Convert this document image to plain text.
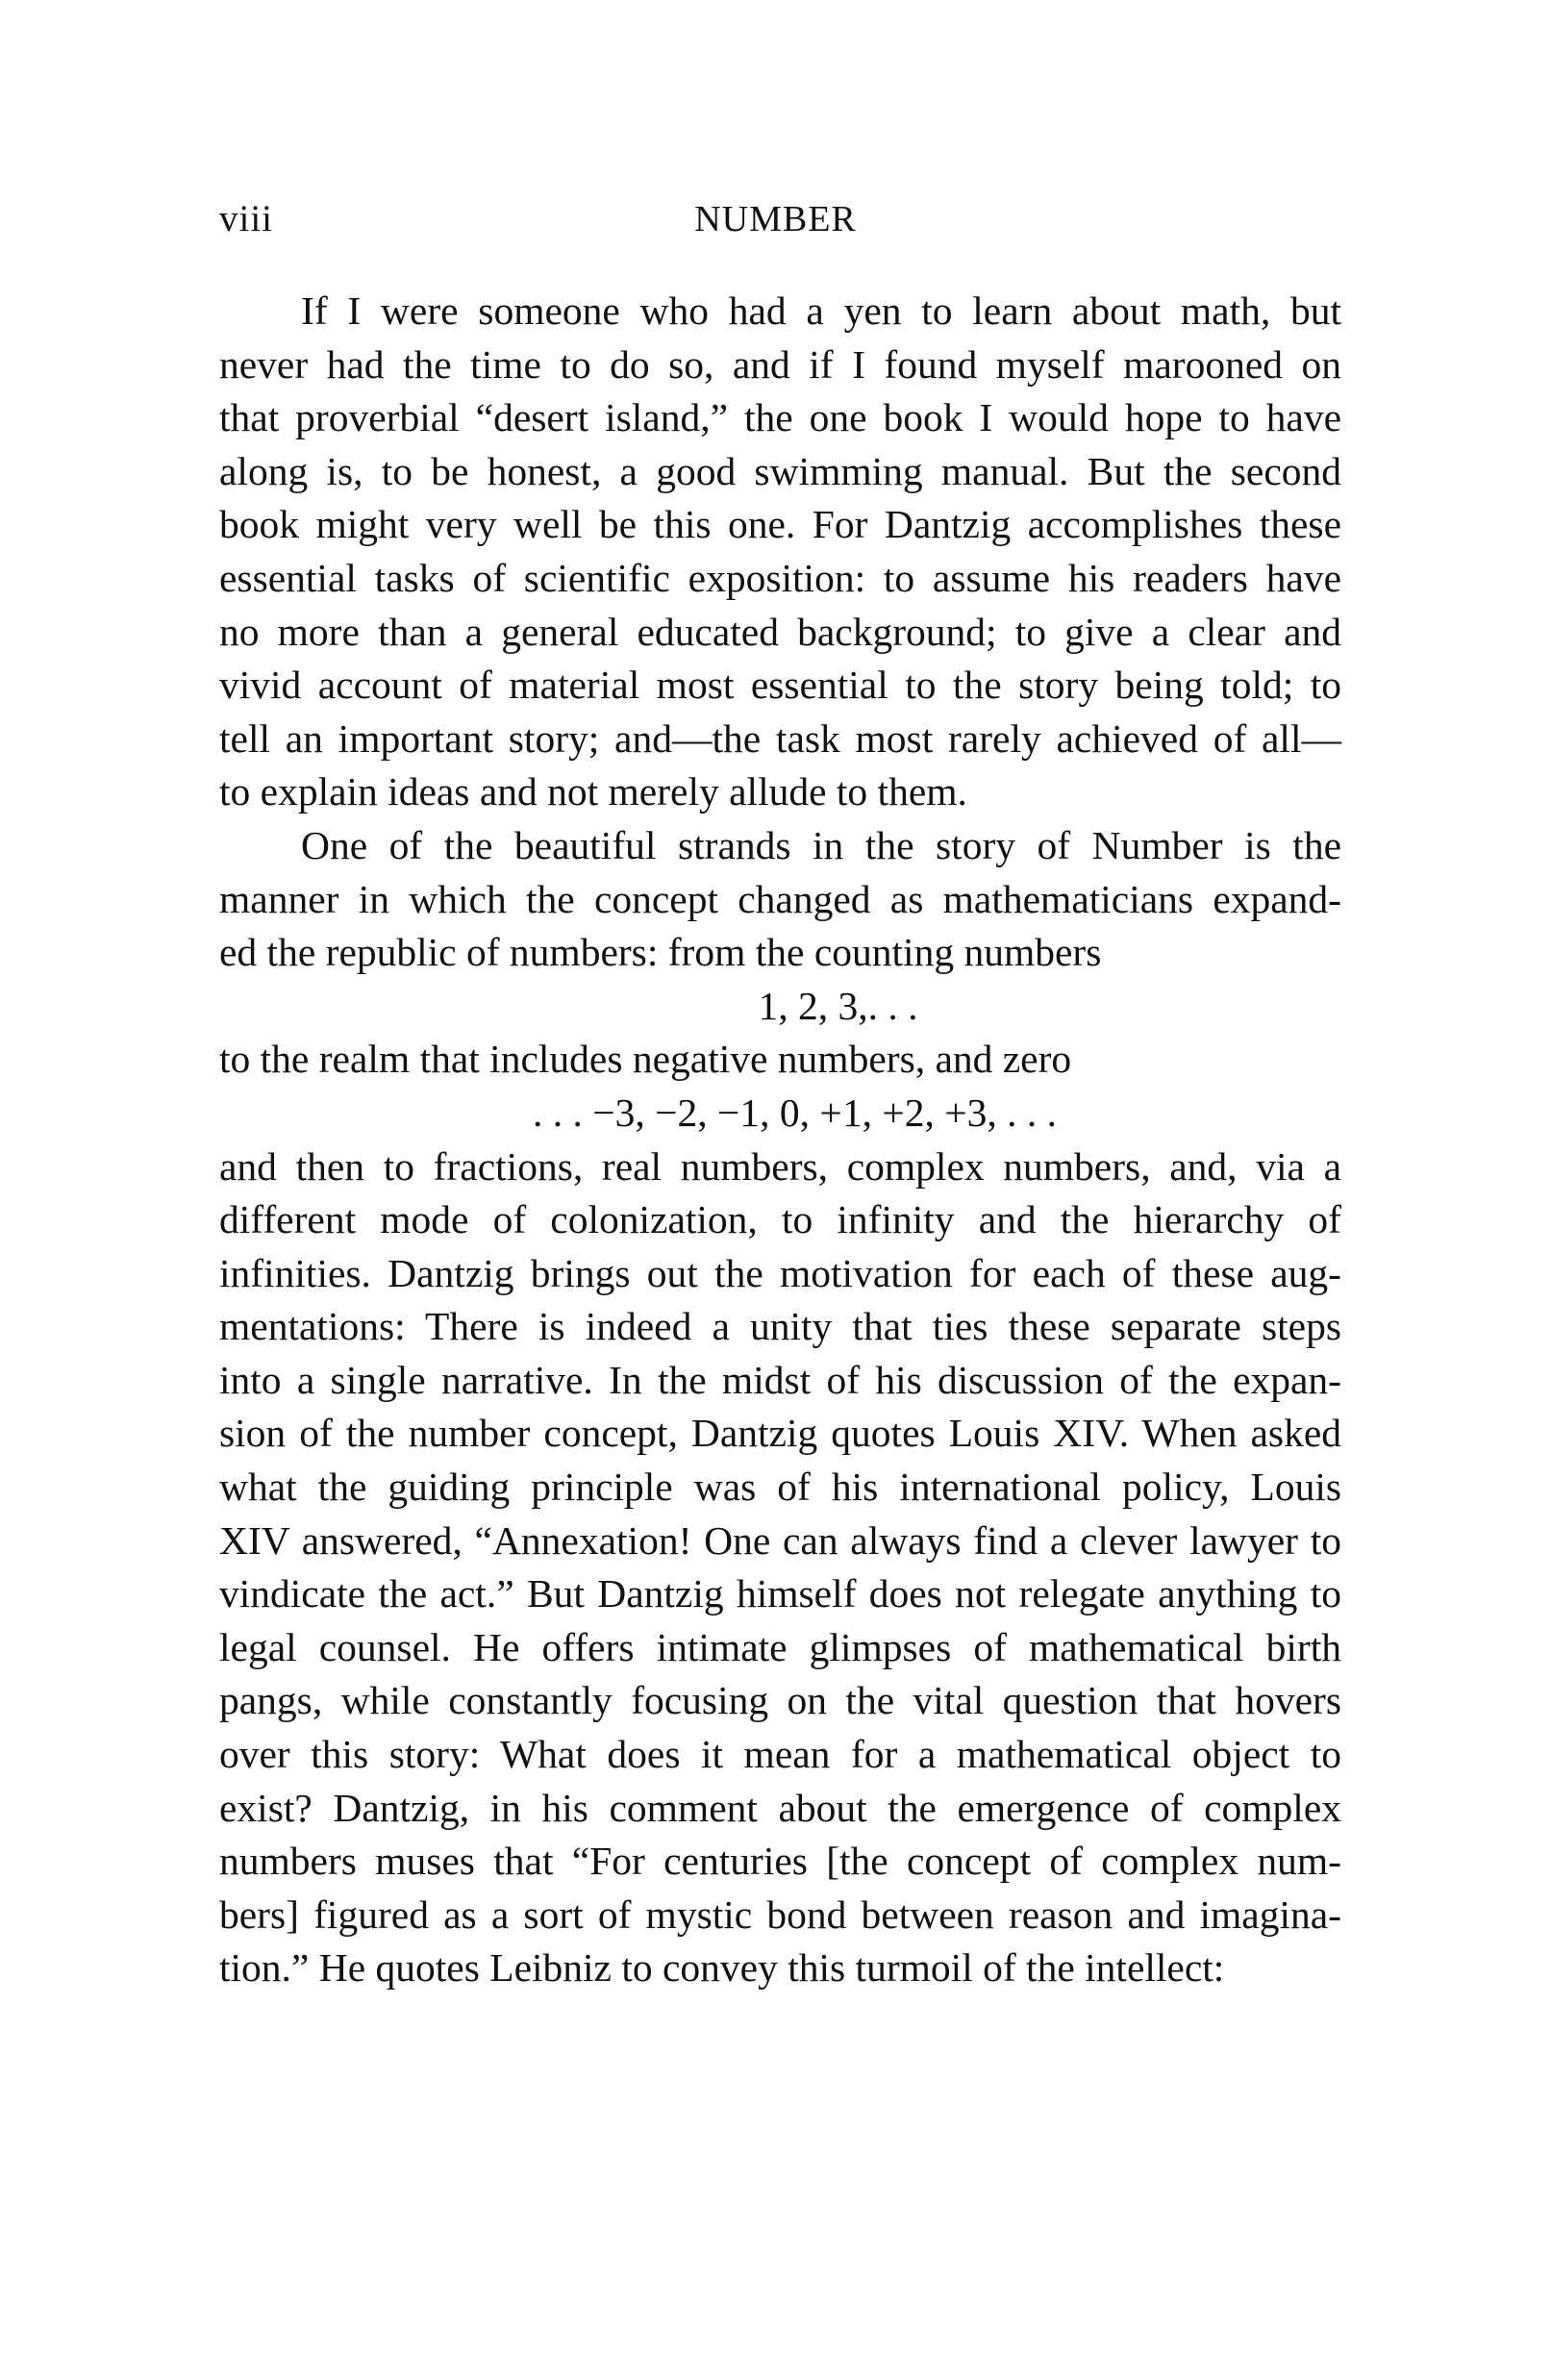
viii	NUMBER
If I were someone who had a yen to learn about math, but
never had the time to do so, and if I found myself marooned on
that proverbial “desert island,” the one book I would hope to have
along is, to be honest, a good swimming manual. But the second
book might very well be this one. For Dantzig accomplishes these
essential tasks of scientific exposition: to assume his readers have
no more than a general educated background; to give a clear and
vivid account of material most essential to the story being told; to
tell an important story; and—the task most rarely achieved of all—
to explain ideas and not merely allude to them.
One of the beautiful strands in the story of Number is the
manner in which the concept changed as mathematicians expand-
ed the republic of numbers: from the counting numbers
1, 2, 3,. . .
to the realm that includes negative numbers, and zero
. . . −3, −2, −1, 0, +1, +2, +3, . . .
and then to fractions, real numbers, complex numbers, and, via a
different mode of colonization, to infinity and the hierarchy of
infinities. Dantzig brings out the motivation for each of these aug-
mentations: There is indeed a unity that ties these separate steps
into a single narrative. In the midst of his discussion of the expan-
sion of the number concept, Dantzig quotes Louis XIV. When asked
what the guiding principle was of his international policy, Louis
XIV answered, “Annexation! One can always find a clever lawyer to
vindicate the act.” But Dantzig himself does not relegate anything to
legal counsel. He offers intimate glimpses of mathematical birth
pangs, while constantly focusing on the vital question that hovers
over this story: What does it mean for a mathematical object to
exist? Dantzig, in his comment about the emergence of complex
numbers muses that “For centuries [the concept of complex num-
bers] figured as a sort of mystic bond between reason and imagina-
tion.” He quotes Leibniz to convey this turmoil of the intellect:
